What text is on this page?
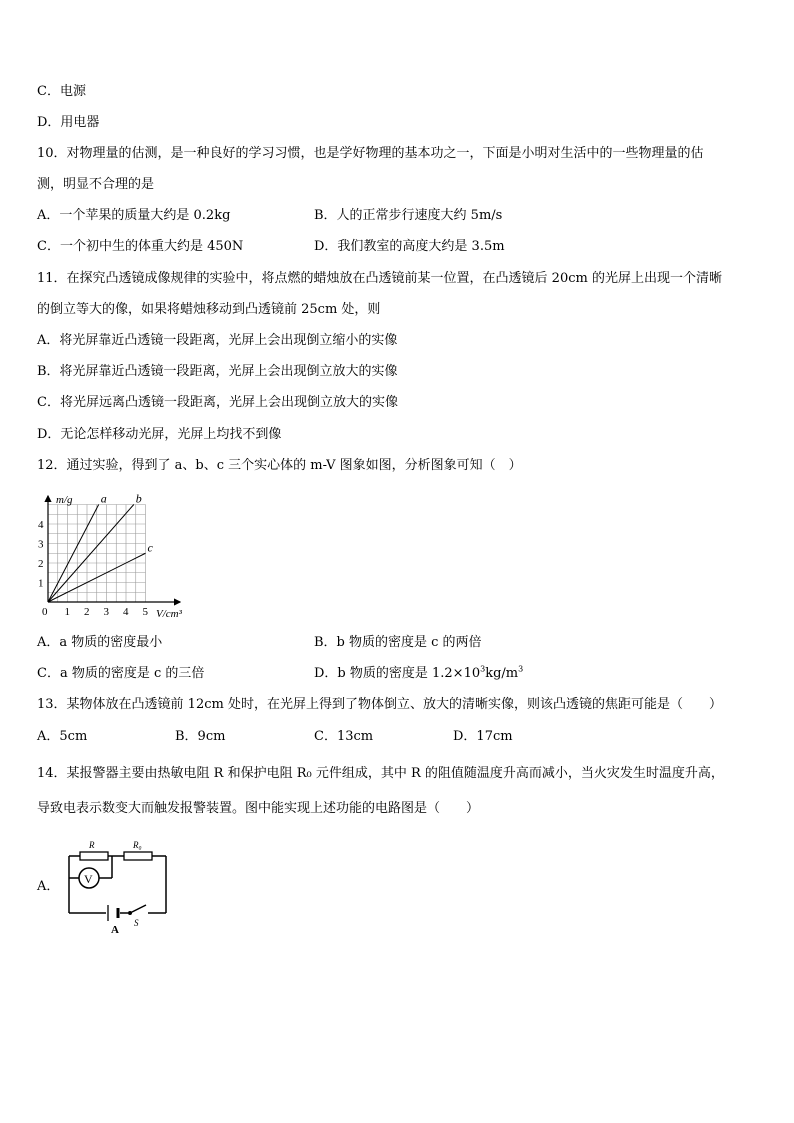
C．电源
D．用电器
10．对物理量的估测，是一种良好的学习习惯，也是学好物理的基本功之一，下面是小明对生活中的一些物理量的估
测，明显不合理的是
A．一个苹果的质量大约是 0.2kg	B．人的正常步行速度大约 5m/s
C．一个初中生的体重大约是 450N	D．我们教室的高度大约是 3.5m
11．在探究凸透镜成像规律的实验中，将点燃的蜡烛放在凸透镜前某一位置，在凸透镜后 20cm 的光屏上出现一个清晰
的倒立等大的像，如果将蜡烛移动到凸透镜前 25cm 处，则
A．将光屏靠近凸透镜一段距离，光屏上会出现倒立缩小的实像
B．将光屏靠近凸透镜一段距离，光屏上会出现倒立放大的实像
C．将光屏远离凸透镜一段距离，光屏上会出现倒立放大的实像
D．无论怎样移动光屏，光屏上均找不到像
12．通过实验，得到了 a、b、c 三个实心体的 m-V 图象如图，分析图象可知（　）
m/g
V/cm³
0 1 2 3 4 5
1
2
3
4
a b
c
A．a 物质的密度最小	B．b 物质的密度是 c 的两倍
C．a 物质的密度是 c 的三倍	D．b 物质的密度是 $1.2\times 10^3kg/m^3$
13．某物体放在凸透镜前 12cm 处时，在光屏上得到了物体倒立、放大的清晰实像，则该凸透镜的焦距可能是（　　）
A．5cm	B．9cm	C．13cm	D．17cm
14．某报警器主要由热敏电阻 R 和保护电阻 R₀ 元件组成，其中 R 的阻值随温度升高而减小，当火灾发生时温度升高，
导致电表示数变大而触发报警装置。图中能实现上述功能的电路图是（　　）
A．
R	R₀
V
A
S
